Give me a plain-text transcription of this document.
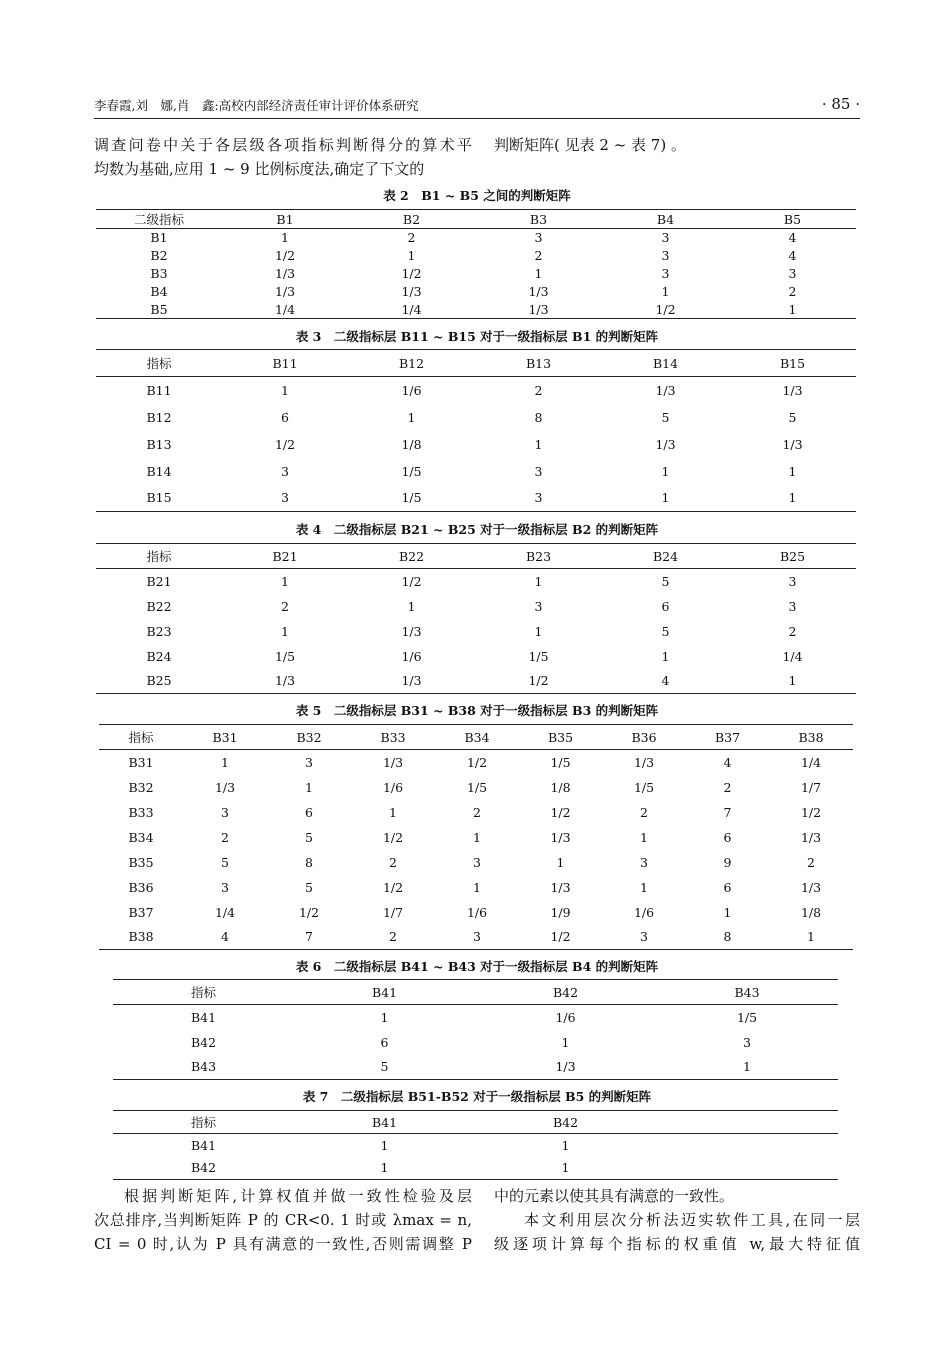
李春霞,刘　娜,肖　鑫:高校内部经济责任审计评价体系研究	· 85 ·
调查问卷中关于各层级各项指标判断得分的算术平
均数为基础,应用 1 ~ 9 比例标度法,确定了下文的
判断矩阵( 见表 2 ~ 表 7) 。
表 2　B1 ~ B5 之间的判断矩阵
二级指标	B1	B2	B3	B4	B5
B1	1	2	3	3	4
B2	1/2	1	2	3	4
B3	1/3	1/2	1	3	3
B4	1/3	1/3	1/3	1	2
B5	1/4	1/4	1/3	1/2	1
表 3　二级指标层 B11 ~ B15 对于一级指标层 B1 的判断矩阵
指标	B11	B12	B13	B14	B15
B11	1	1/6	2	1/3	1/3
B12	6	1	8	5	5
B13	1/2	1/8	1	1/3	1/3
B14	3	1/5	3	1	1
B15	3	1/5	3	1	1
表 4　二级指标层 B21 ~ B25 对于一级指标层 B2 的判断矩阵
指标	B21	B22	B23	B24	B25
B21	1	1/2	1	5	3
B22	2	1	3	6	3
B23	1	1/3	1	5	2
B24	1/5	1/6	1/5	1	1/4
B25	1/3	1/3	1/2	4	1
表 5　二级指标层 B31 ~ B38 对于一级指标层 B3 的判断矩阵
指标	B31	B32	B33	B34	B35	B36	B37	B38
B31	1	3	1/3	1/2	1/5	1/3	4	1/4
B32	1/3	1	1/6	1/5	1/8	1/5	2	1/7
B33	3	6	1	2	1/2	2	7	1/2
B34	2	5	1/2	1	1/3	1	6	1/3
B35	5	8	2	3	1	3	9	2
B36	3	5	1/2	1	1/3	1	6	1/3
B37	1/4	1/2	1/7	1/6	1/9	1/6	1	1/8
B38	4	7	2	3	1/2	3	8	1
表 6　二级指标层 B41 ~ B43 对于一级指标层 B4 的判断矩阵
指标	B41	B42	B43
B41	1	1/6	1/5
B42	6	1	3
B43	5	1/3	1
表 7　二级指标层 B51-B52 对于一级指标层 B5 的判断矩阵
指标	B41	B42	
B41	1	1	
B42	1	1	
根据判断矩阵,计算权值并做一致性检验及层
次总排序,当判断矩阵 P 的 CR<0. 1 时或 λmax = n,
CI = 0 时,认为 P 具有满意的一致性,否则需调整 P
中的元素以使其具有满意的一致性。
本文利用层次分析法迈实软件工具,在同一层
级逐项计算每个指标的权重值 w,最大特征值
